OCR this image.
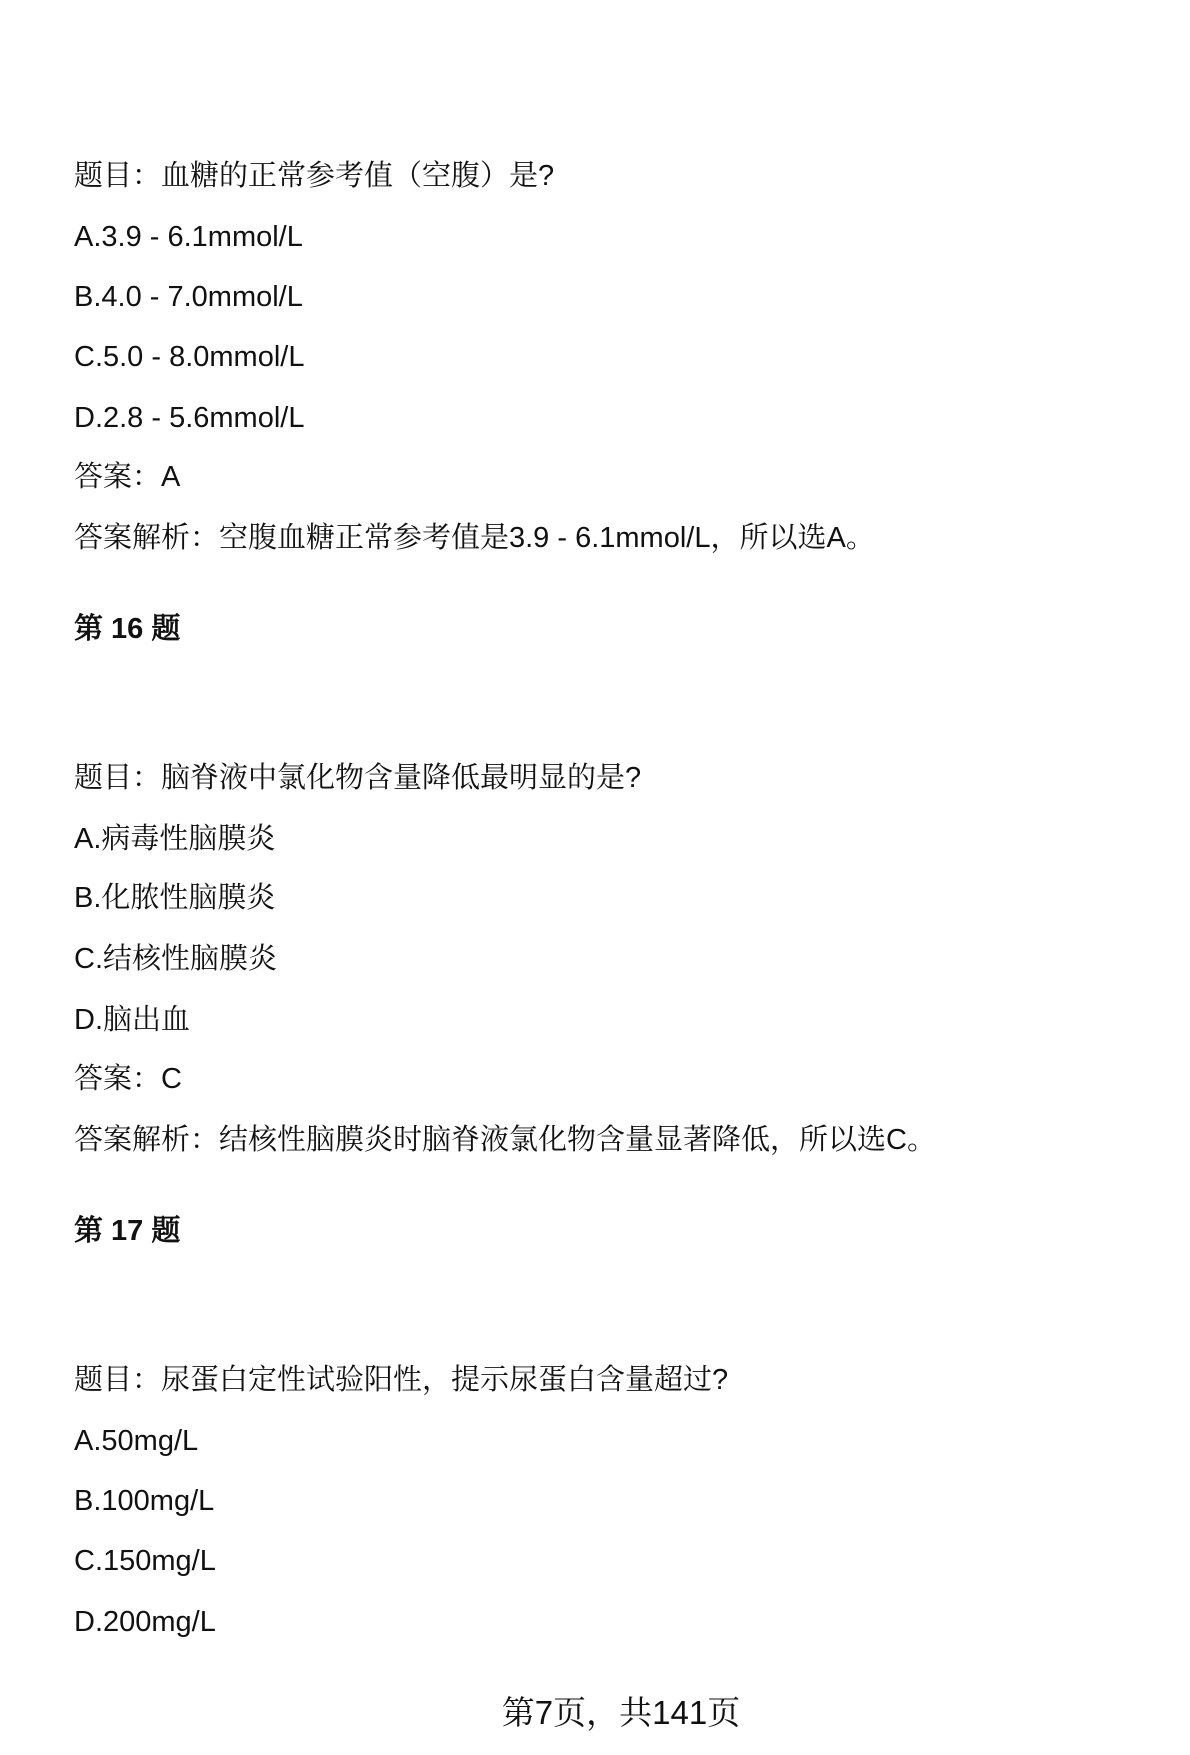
题目：血糖的正常参考值（空腹）是?
A.3.9 - 6.1mmol/L
B.4.0 - 7.0mmol/L
C.5.0 - 8.0mmol/L
D.2.8 - 5.6mmol/L
答案：A
答案解析：空腹血糖正常参考值是3.9 - 6.1mmol/L，所以选A。
第 16 题
题目：脑脊液中氯化物含量降低最明显的是?
A.病毒性脑膜炎
B.化脓性脑膜炎
C.结核性脑膜炎
D.脑出血
答案：C
答案解析：结核性脑膜炎时脑脊液氯化物含量显著降低，所以选C。
第 17 题
题目：尿蛋白定性试验阳性，提示尿蛋白含量超过?
A.50mg/L
B.100mg/L
C.150mg/L
D.200mg/L
第7页，共141页
